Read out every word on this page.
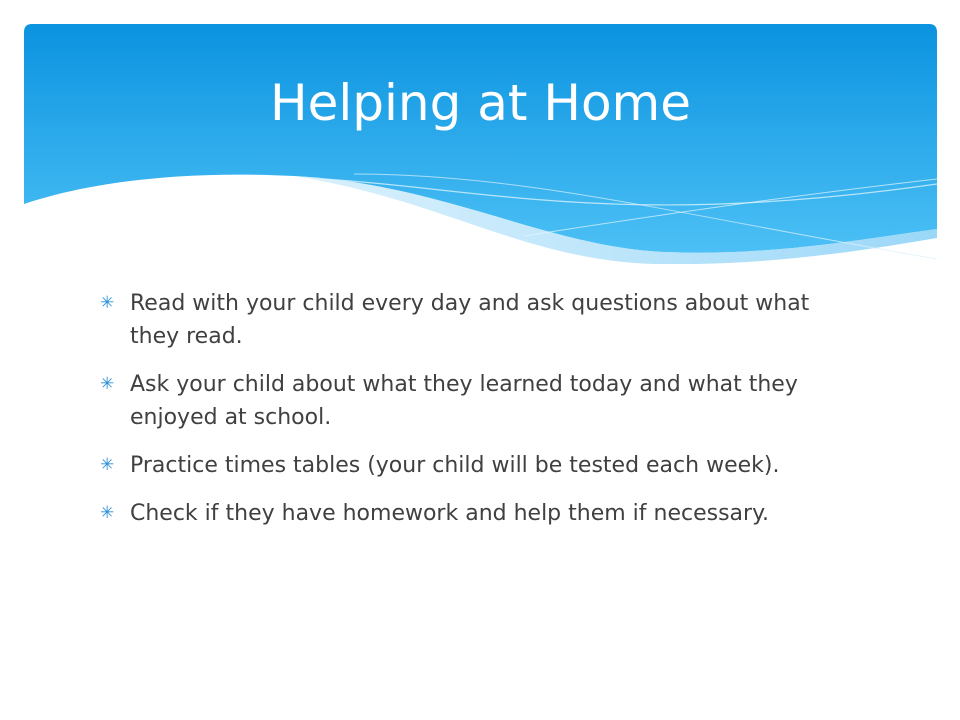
Helping at Home
✳ Read with your child every day and ask questions about what they read.
✳ Ask your child about what they learned today and what they enjoyed at school.
✳ Practice times tables (your child will be tested each week).
✳ Check if they have homework and help them if necessary.
